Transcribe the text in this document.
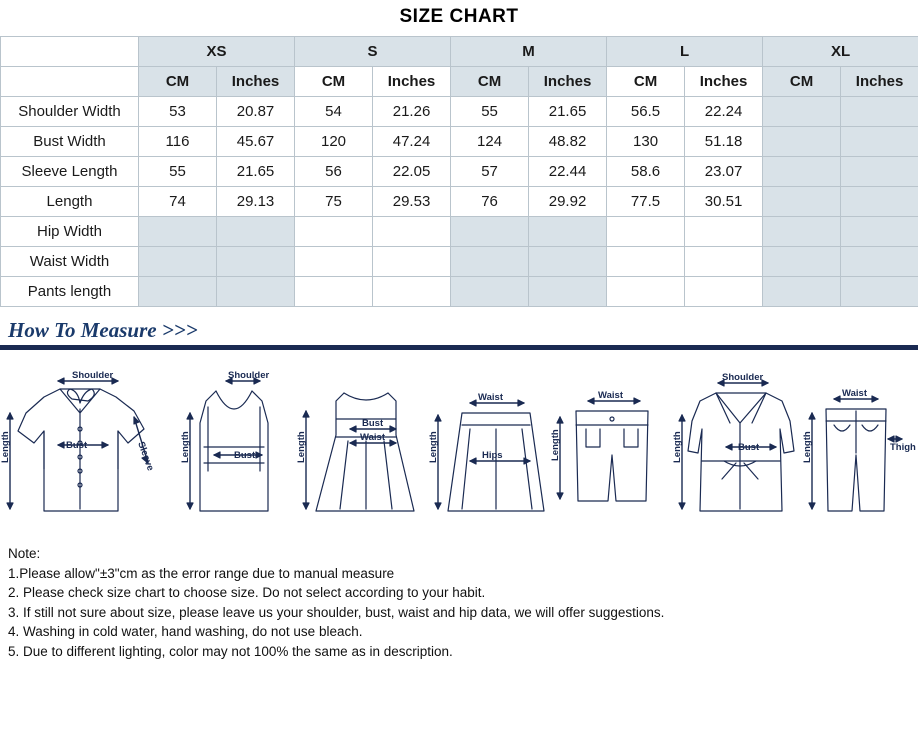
SIZE CHART
	XS		S		M		L		XL	
	CM	Inches	CM	Inches	CM	Inches	CM	Inches	CM	Inches
Shoulder Width	53	20.87	54	21.26	55	21.65	56.5	22.24		
Bust Width	116	45.67	120	47.24	124	48.82	130	51.18		
Sleeve Length	55	21.65	56	22.05	57	22.44	58.6	23.07		
Length	74	29.13	75	29.53	76	29.92	77.5	30.51		
Hip Width										
Waist Width										
Pants length										
How To Measure >>>
Shoulder
Bust	Sleeve
Length
Shoulder
Bust
Length
Bust
Waist
Length
Waist
Hips
Length
Waist
Length
Shoulder
Bust
Length
Waist
Thigh
Length
Note:
1.Please allow"±3"cm as the error range due to manual measure
2. Please check size chart to choose size. Do not select according to your habit.
3. If still not sure about size, please leave us your shoulder, bust, waist and hip data, we will offer suggestions.
4. Washing in cold water, hand washing, do not use bleach.
5. Due to different lighting, color may not 100% the same as in description.
